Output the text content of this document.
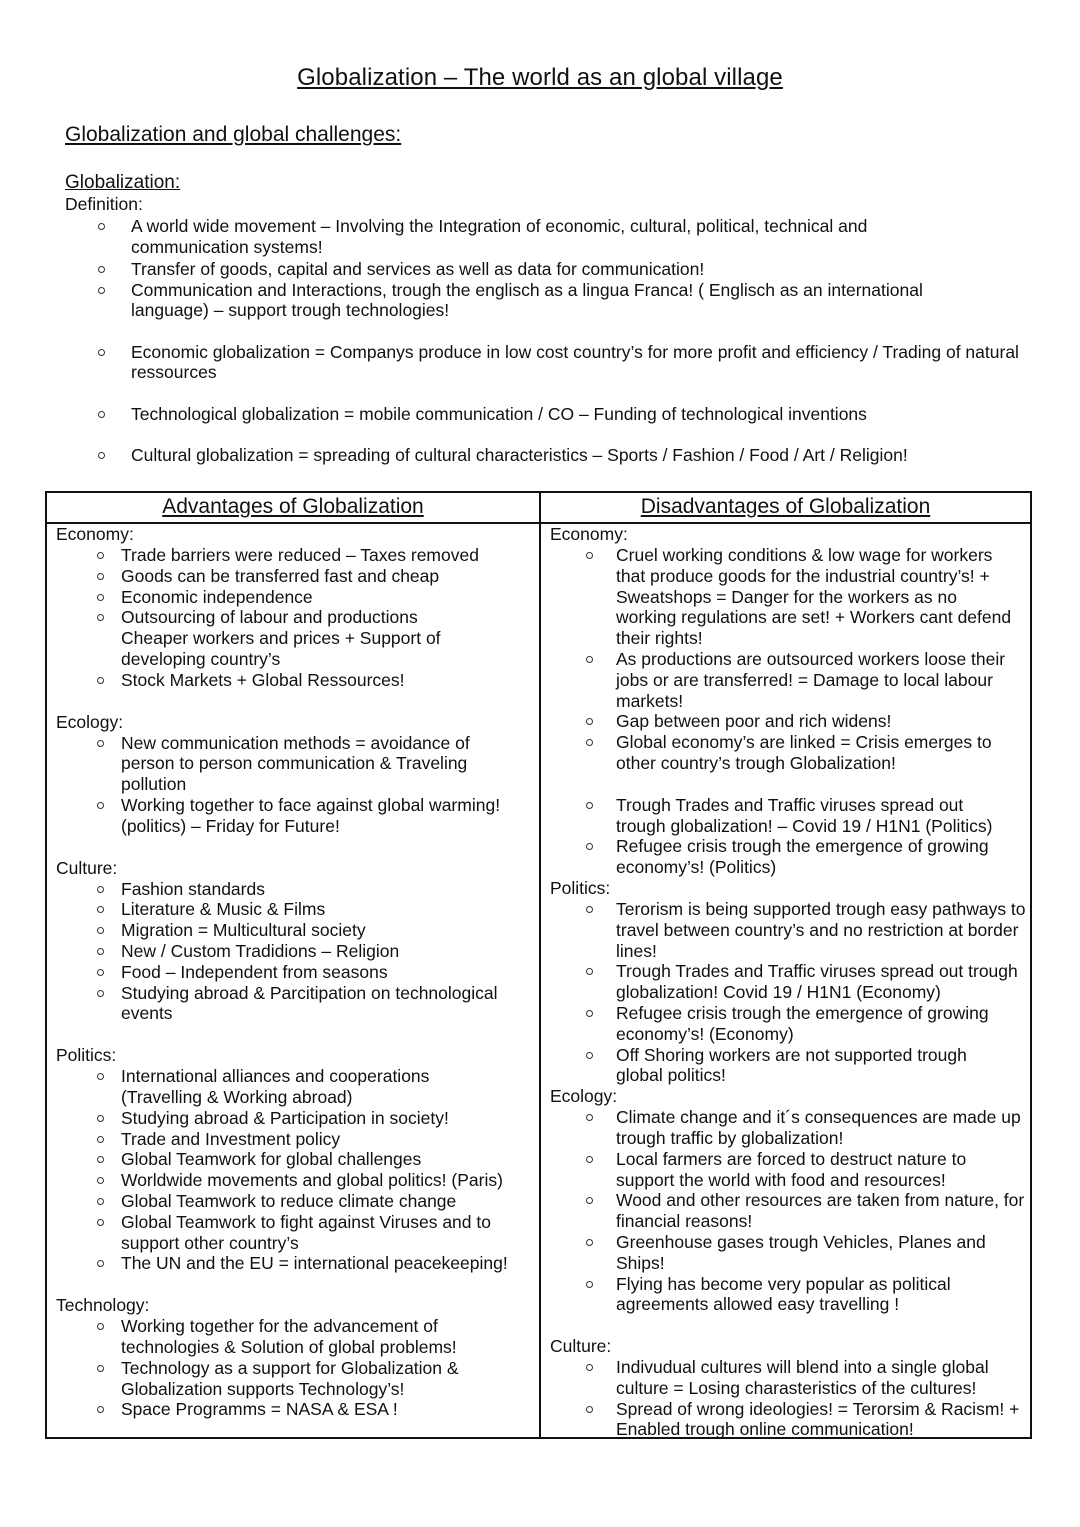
Globalization – The world as an global village
Globalization and global challenges:
Globalization:
Definition:
A world wide movement – Involving the Integration of economic, cultural, political, technical and communication systems!
Transfer of goods, capital and services as well as data for communication!
Communication and Interactions, trough the englisch as a lingua Franca! ( Englisch as an international language) – support trough technologies!
Economic globalization = Companys produce in low cost country’s for more profit and efficiency / Trading of natural ressources
Technological globalization = mobile communication / CO – Funding of technological inventions
Cultural globalization = spreading of cultural characteristics – Sports / Fashion / Food / Art / Religion!
Advantages of Globalization	Disadvantages of Globalization
Economy:
Trade barriers were reduced – Taxes removed
Goods can be transferred fast and cheap
Economic independence
Outsourcing of labour and productions Cheaper workers and prices + Support of developing country’s
Stock Markets + Global Ressources!
Ecology:
New communication methods = avoidance of person to person communication & Traveling pollution
Working together to face against global warming! (politics) – Friday for Future!
Culture:
Fashion standards
Literature & Music & Films
Migration = Multicultural society
New / Custom Tradidions – Religion
Food – Independent from seasons
Studying abroad & Parcitipation on technological events
Politics:
International alliances and cooperations (Travelling & Working abroad)
Studying abroad & Participation in society!
Trade and Investment policy
Global Teamwork for global challenges
Worldwide movements and global politics! (Paris)
Global Teamwork to reduce climate change
Global Teamwork to fight against Viruses and to support other country’s
The UN and the EU = international peacekeeping!
Technology:
Working together for the advancement of technologies & Solution of global problems!
Technology as a support for Globalization & Globalization supports Technology’s!
Space Programms = NASA & ESA !
Economy:
Cruel working conditions & low wage for workers that produce goods for the industrial country’s! + Sweatshops = Danger for the workers as no working regulations are set! + Workers cant defend their rights!
As productions are outsourced workers loose their jobs or are transferred! = Damage to local labour markets!
Gap between poor and rich widens!
Global economy’s are linked = Crisis emerges to other country’s trough Globalization!
Trough Trades and Traffic viruses spread out trough globalization! – Covid 19 / H1N1 (Politics)
Refugee crisis trough the emergence of growing economy’s! (Politics)
Politics:
Terorism is being supported trough easy pathways to travel between country’s and no restriction at border lines!
Trough Trades and Traffic viruses spread out trough globalization! Covid 19 / H1N1 (Economy)
Refugee crisis trough the emergence of growing economy’s! (Economy)
Off Shoring workers are not supported trough global politics!
Ecology:
Climate change and it´s consequences are made up trough traffic by globalization!
Local farmers are forced to destruct nature to support the world with food and resources!
Wood and other resources are taken from nature, for financial reasons!
Greenhouse gases trough Vehicles, Planes and Ships!
Flying has become very popular as political agreements allowed easy travelling !
Culture:
Indivudual cultures will blend into a single global culture = Losing charasteristics of the cultures!
Spread of wrong ideologies! = Terorsim & Racism! + Enabled trough online communication!
